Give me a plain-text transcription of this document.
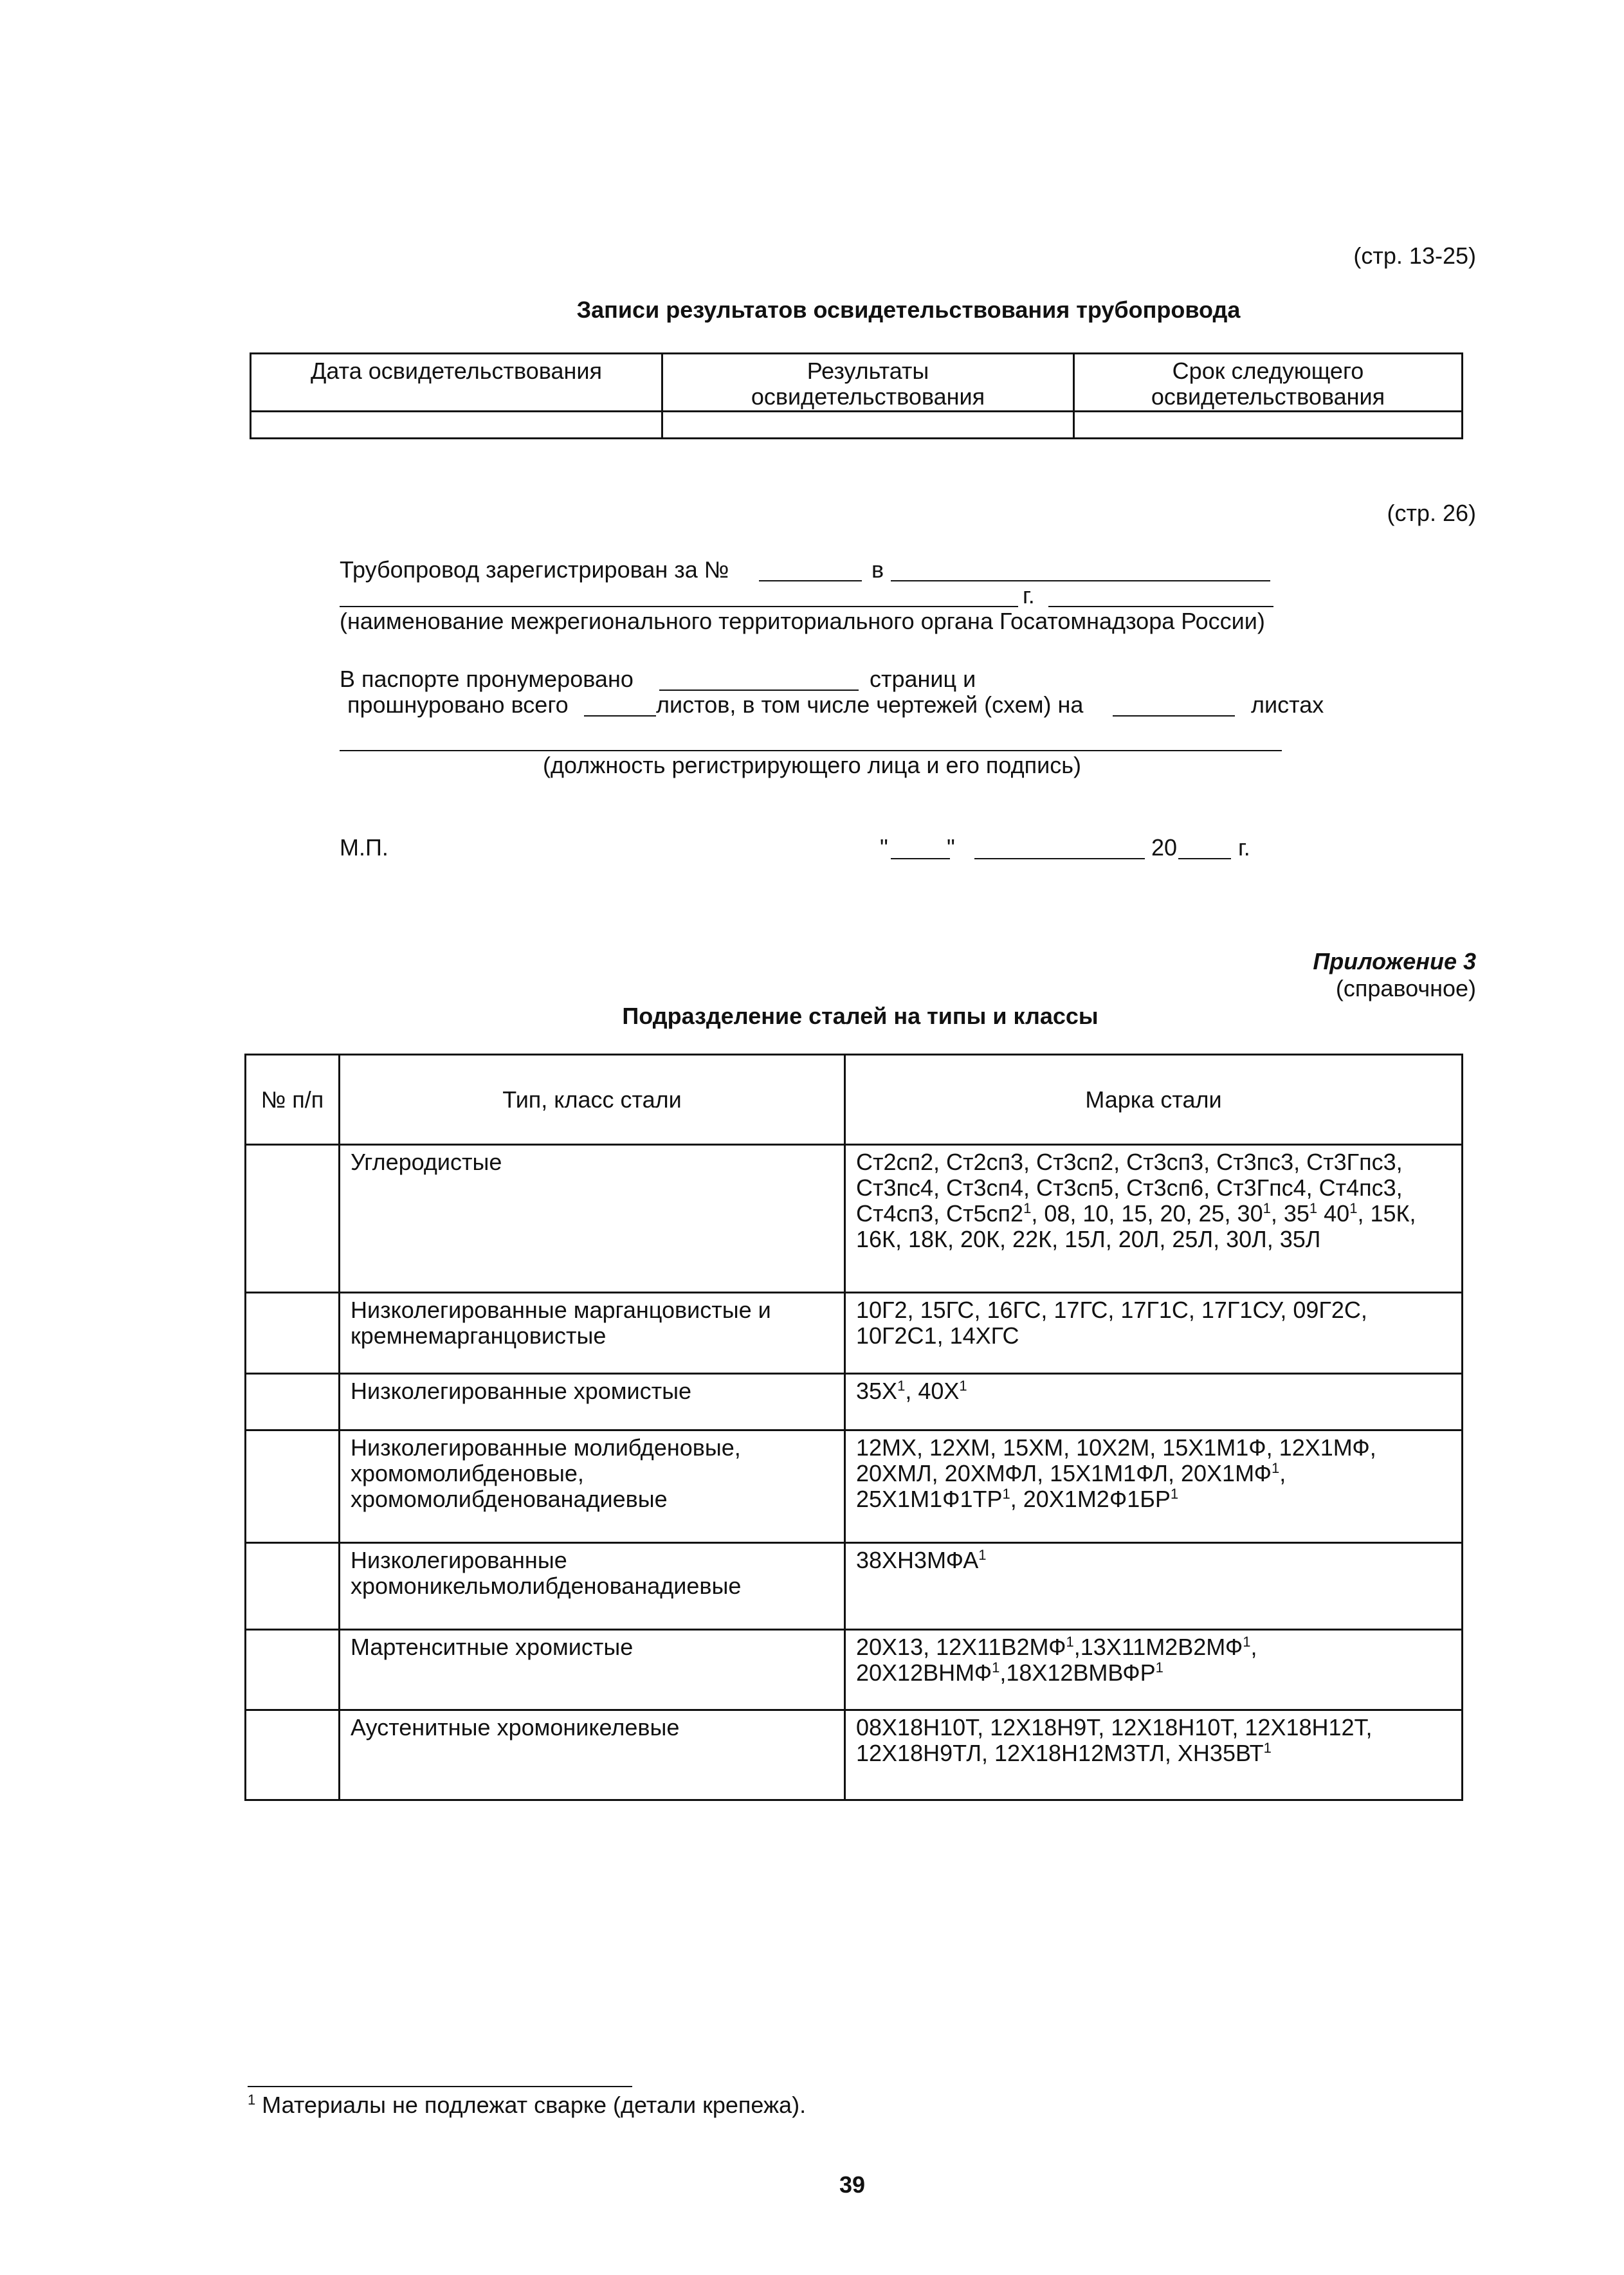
(стр. 13-25)
Записи результатов освидетельствования трубопровода
Дата освидетельствования	Результаты освидетельствования	Срок следующего освидетельствования

(стр. 26)
Трубопровод зарегистрирован за №	в
г.
(наименование межрегионального территориального органа Госатомнадзора России)
В паспорте пронумеровано	страниц и
прошнуровано всего	листов, в том числе чертежей (схем) на	листах
(должность регистрирующего лица и его подпись)
М.П.	"	"	20	г.
Приложение 3
(справочное)
Подразделение сталей на типы и классы
№ п/п	Тип, класс стали	Марка стали

	Углеродистые	Ст2сп2, Ст2сп3, Ст3сп2, Ст3сп3, Ст3пс3, Ст3Гпс3,
Ст3пс4, Ст3сп4, Ст3сп5, Ст3сп6, Ст3Гпс4, Ст4пс3,
Ст4сп3, $Ст5сп2^1$, 08, 10, 15, 20, 25, $30^1$, $35^1$ $40^1$, 15К,
16К, 18К, 20К, 22К, 15Л, 20Л, 25Л, 30Л, 35Л

	Низколегированные марганцовистые и кремнемарганцовистые	10Г2, 15ГС, 16ГС, 17ГС, 17Г1С, 17Г1СУ, 09Г2С,
10Г2С1, 14ХГС

	Низколегированные хромистые	$35Х^1$, $40Х^1$

	Низколегированные молибденовые, хромомолибденовые, хромомолибденованадиевые	12МХ, 12ХМ, 15ХМ, 10Х2М, 15Х1М1Ф, 12Х1МФ,
20ХМЛ, 20ХМФЛ, 15Х1М1ФЛ, $20Х1МФ^1$,
$25Х1М1Ф1ТР^1$, $20Х1М2Ф1БР^1$

	Низколегированные хромоникельмолибденованадиевые	38ХН3МФА$^1$

	Мартенситные хромистые	20Х13, $12Х11В2МФ^1,13Х11М2В2МФ^1$,
20Х12ВНМФ$^1$,18Х12ВМВФР$^1$

	Аустенитные хромоникелевые	08Х18Н10Т, 12Х18Н9Т, 12Х18Н10Т, 12Х18Н12Т,
12Х18Н9ТЛ, 12Х18Н12М3ТЛ, $ХН35ВТ^1$
$^1$ Материалы не подлежат сварке (детали крепежа).
39
